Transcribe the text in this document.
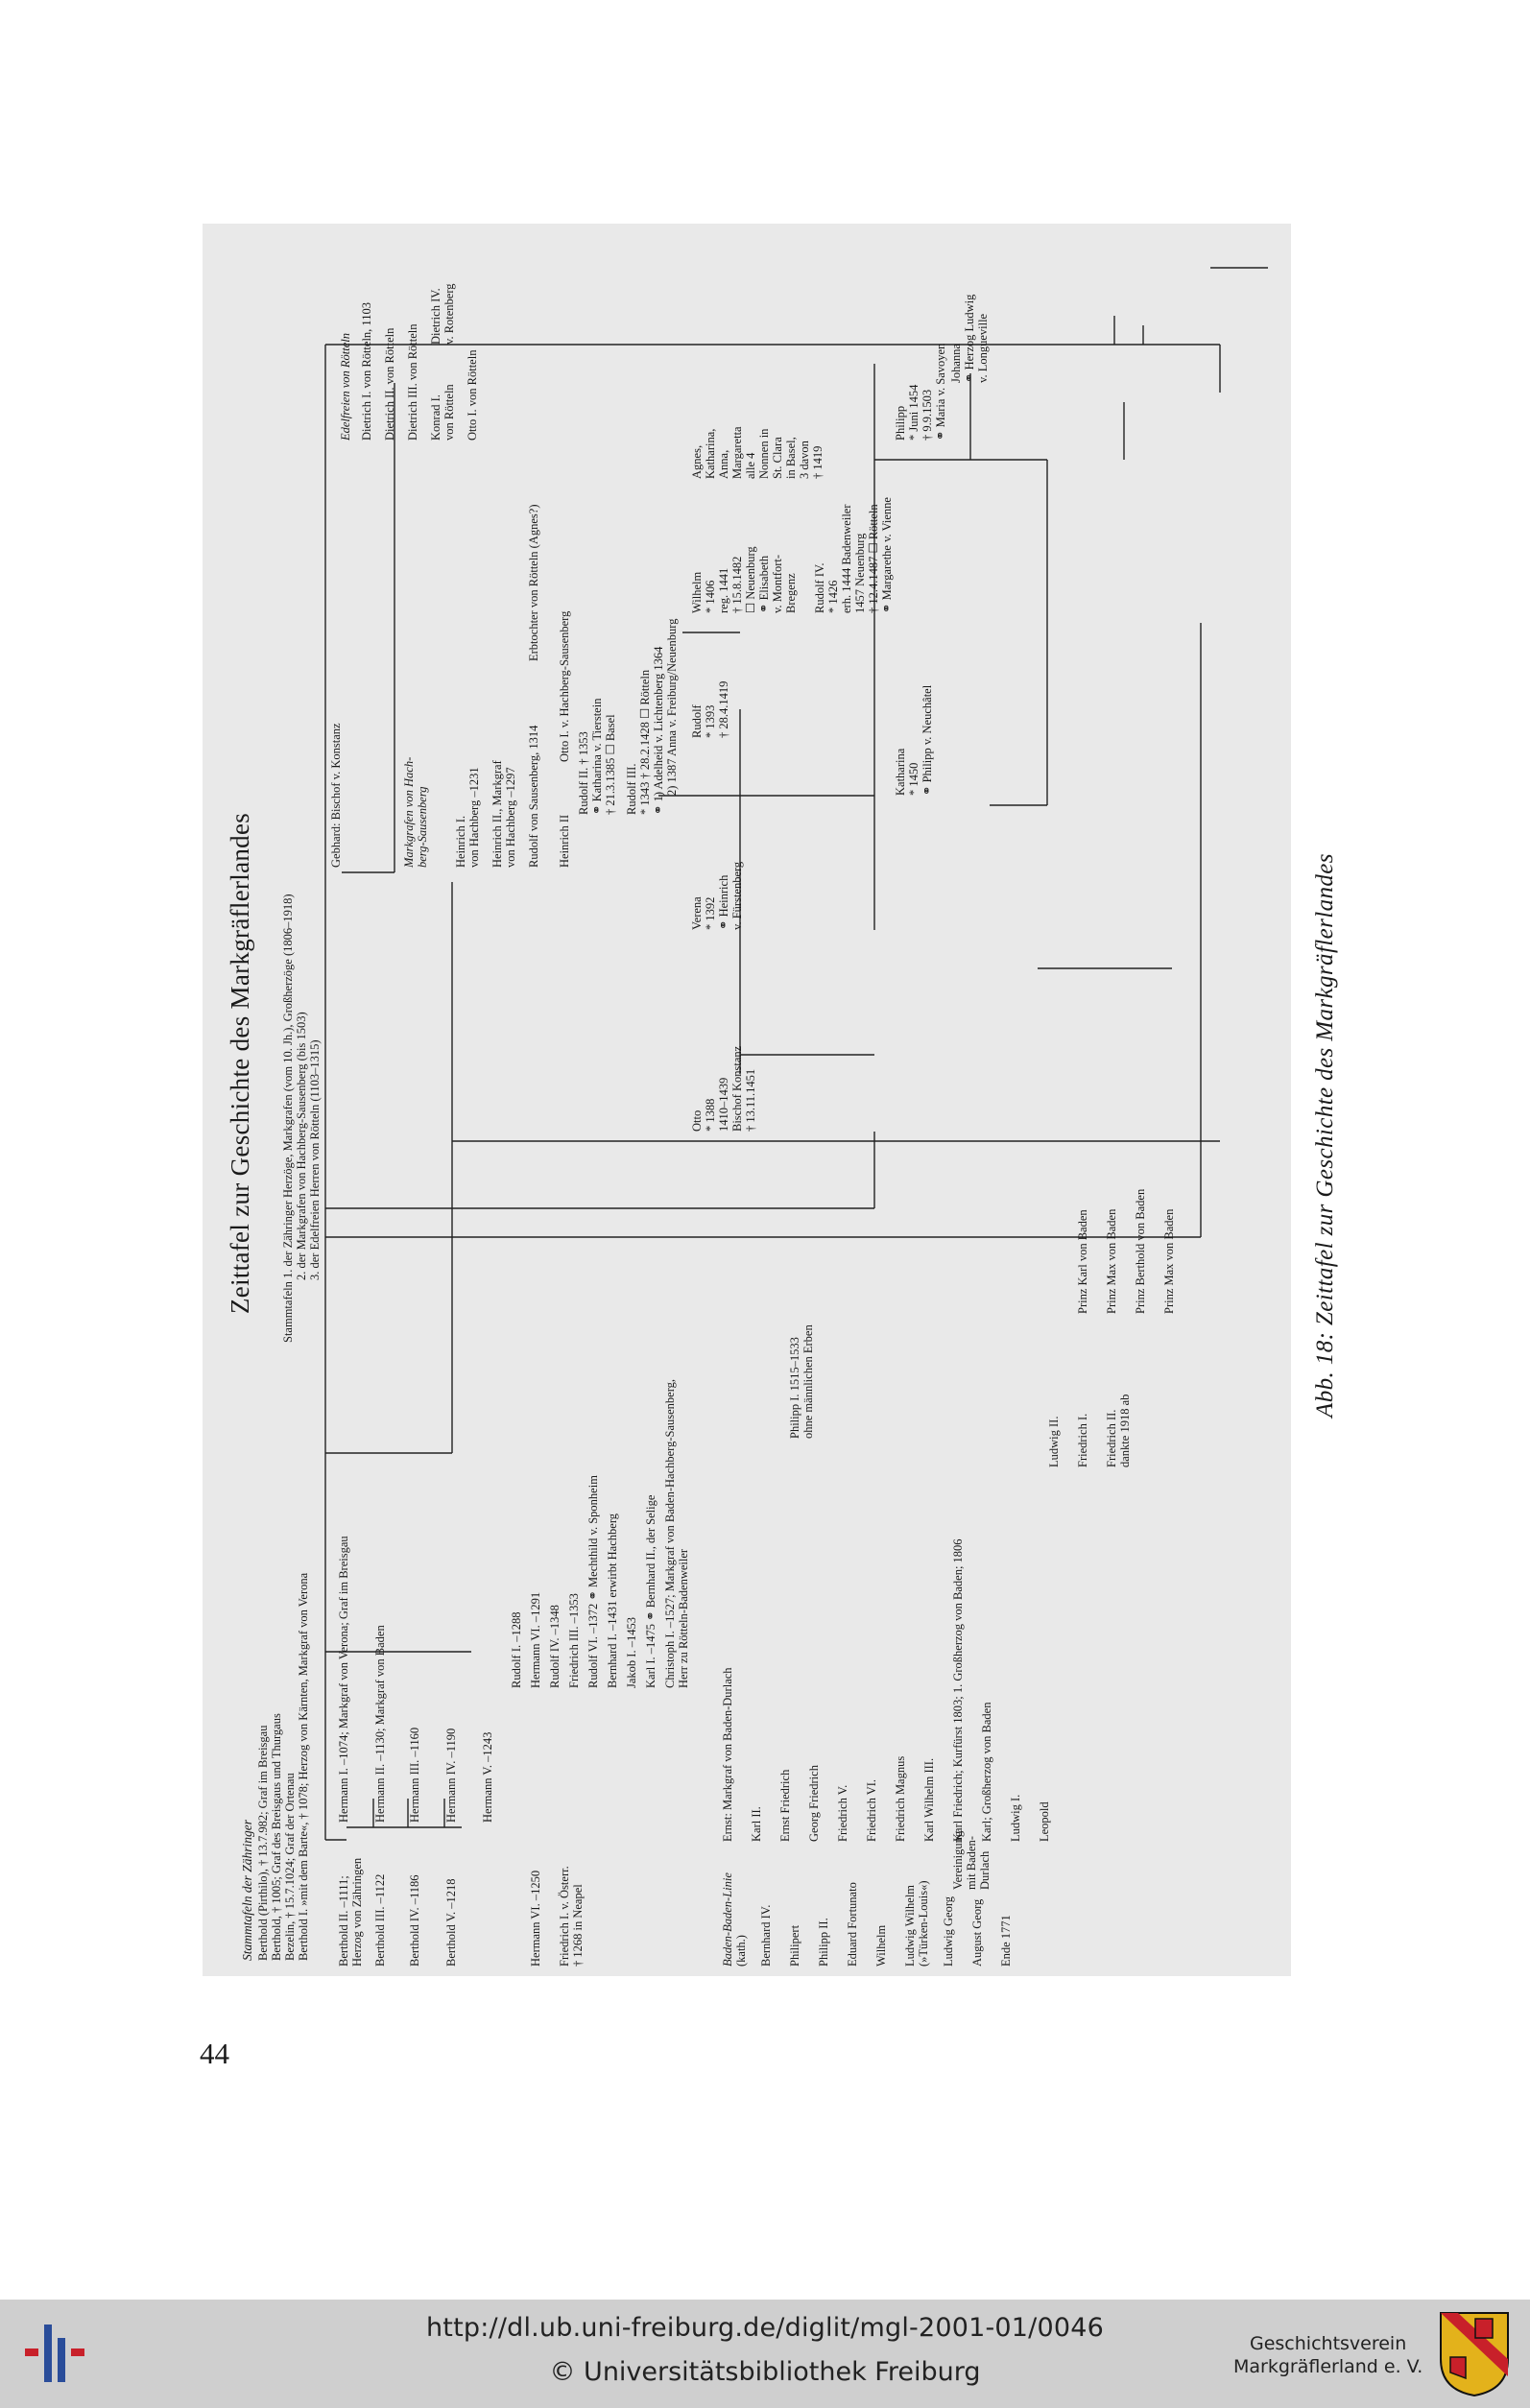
Zeittafel zur Geschichte des Markgräflerlandes Stammtafeln 1. der Zähringer Herzöge, Markgrafen (vom 10. Jh.), Großherzöge (1806–1918) 2. der Markgrafen von Hachberg-Sausenberg (bis 1503) 3. der Edelfreien Herren von Rötteln (1103–1315)
Stammtafeln der Zähringer Berthold (Pirthilo), † 13.7.982; Graf im Breisgau Berthold, † 1005; Graf des Breisgaus und Thurgaus Bezelin, † 15.7.1024; Graf der Ortenau Berthold I. »mit dem Barte«, † 1078; Herzog von Kärnten, Markgraf von Verona Berthold II. –1111; Herzog von Zähringen Berthold III. –1122 Berthold IV. –1186 Berthold V. –1218
Hermann I. –1074; Markgraf von Verona; Graf im Breisgau Hermann II. –1130; Markgraf von Baden Hermann III. –1160 Hermann IV. –1190 Hermann V. –1243
Gebhard: Bischof v. Konstanz	Markgrafen von Hach- berg-Sausenberg Heinrich I. von Hachberg –1231 Heinrich II., Markgraf von Hachberg –1297 Rudolf von Sausenberg, 1314
Erbtochter von Rötteln (Agnes?)
Heinrich II
Otto I. v. Hachberg-Sausenberg
Rudolf II. † 1353 ⚭ Katharina v. Tierstein † 21.3.1385 ☐ Basel Rudolf III. * 1343 † 28.2.1428 ☐ Rötteln ⚭ 1) Adelheid v. Lichtenberg 1364 2) 1387 Anna v. Freiburg/Neuenburg
Otto * 1388 1410–1439 Bischof Konstanz † 13.11.1451
Verena * 1392 ⚭ Heinrich v. Fürstenberg
Rudolf * 1393 † 28.4.1419
Wilhelm * 1406 reg. 1441 † 15.8.1482 ☐ Neuenburg ⚭ Elisabeth v. Montfort- Bregenz
Agnes, Katharina, Anna, Margaretta alle 4 Nonnen in St. Clara in Basel, 3 davon † 1419
Rudolf IV. * 1426 erh. 1444 Badenweiler 1457 Neuenburg † 12.4.1487 ☐ Rötteln ⚭ Margarethe v. Vienne
Philipp * Juni 1454 † 9.9.1503 ⚭ Maria v. Savoyen
Katharina * 1450 ⚭ Philipp v. Neuchâtel
Johanna ⚭ Herzog Ludwig v. Longueville
Edelfreien von Rötteln Dietrich I. von Rötteln, 1103 Dietrich II. von Rötteln Dietrich III. von Rötteln Konrad I. von Rötteln
Dietrich IV. v. Rotenberg
Otto I. von Rötteln
Rudolf I. –1288 Hermann VI. –1291 Rudolf IV. –1348 Friedrich III. –1353 Rudolf VI. –1372 ⚭ Mechthild v. Sponheim Bernhard I. –1431 erwirbt Hachberg Jakob I. –1453 Karl I. –1475 ⚭ Bernhard II., der Selige Christoph I. –1527; Markgraf von Baden-Hachberg-Sausenberg, Herr zu Rötteln-Badenweiler
Hermann VI. –1250 Friedrich I. v. Österr. † 1268 in Neapel
Ernst: Markgraf von Baden-Durlach Karl II. Ernst Friedrich Georg Friedrich Friedrich V. Friedrich VI. Friedrich Magnus Karl Wilhelm III. Karl Friedrich; Kurfürst 1803; 1. Großherzog von Baden; 1806 Karl; Großherzog von Baden Ludwig I. Leopold
Baden-Baden-Linie (kath.) Bernhard IV. Philipert Philipp II. Eduard Fortunato Wilhelm Ludwig Wilhelm (»Türken-Louis«) Ludwig Georg August Georg Ende 1771
Vereinigung mit Baden- Durlach
Philipp I. 1515–1533 ohne männlichen Erben
Ludwig II. Friedrich I. Friedrich II. dankte 1918 ab
Prinz Karl von Baden Prinz Max von Baden Prinz Berthold von Baden Prinz Max von Baden	Abb. 18: Zeittafel zur Geschichte des Markgräflerlandes
44
http://dl.ub.uni-freiburg.de/diglit/mgl-2001-01/0046
© Universitätsbibliothek Freiburg
Geschichtsverein
Markgräflerland e. V.
